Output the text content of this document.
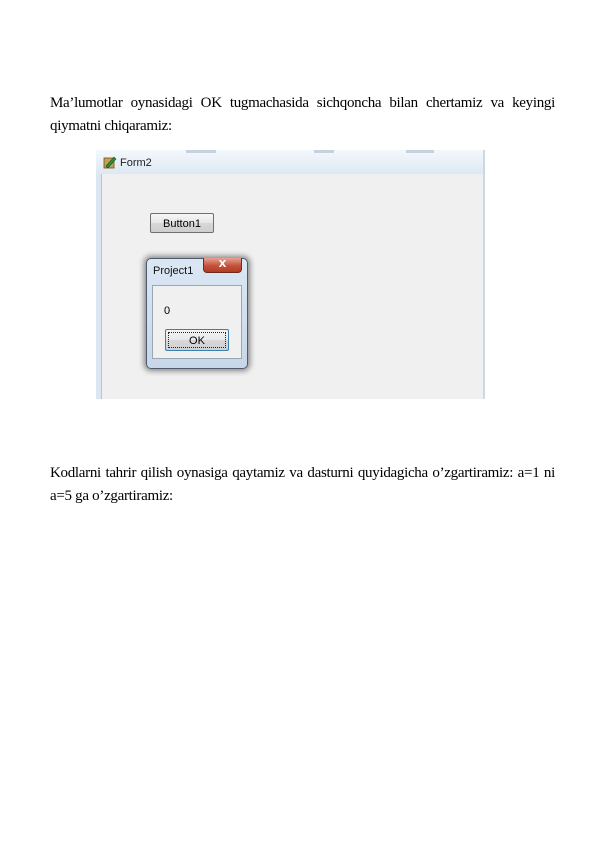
Ma’lumotlar oynasidagi OK tugmachasida sichqoncha bilan chertamiz va keyingi qiymatni chiqaramiz:

Form2
Button1
Project1
X
0
OK

Kodlarni tahrir qilish oynasiga qaytamiz va dasturni quyidagicha o’zgartiramiz: a=1 ni a=5 ga o’zgartiramiz:
